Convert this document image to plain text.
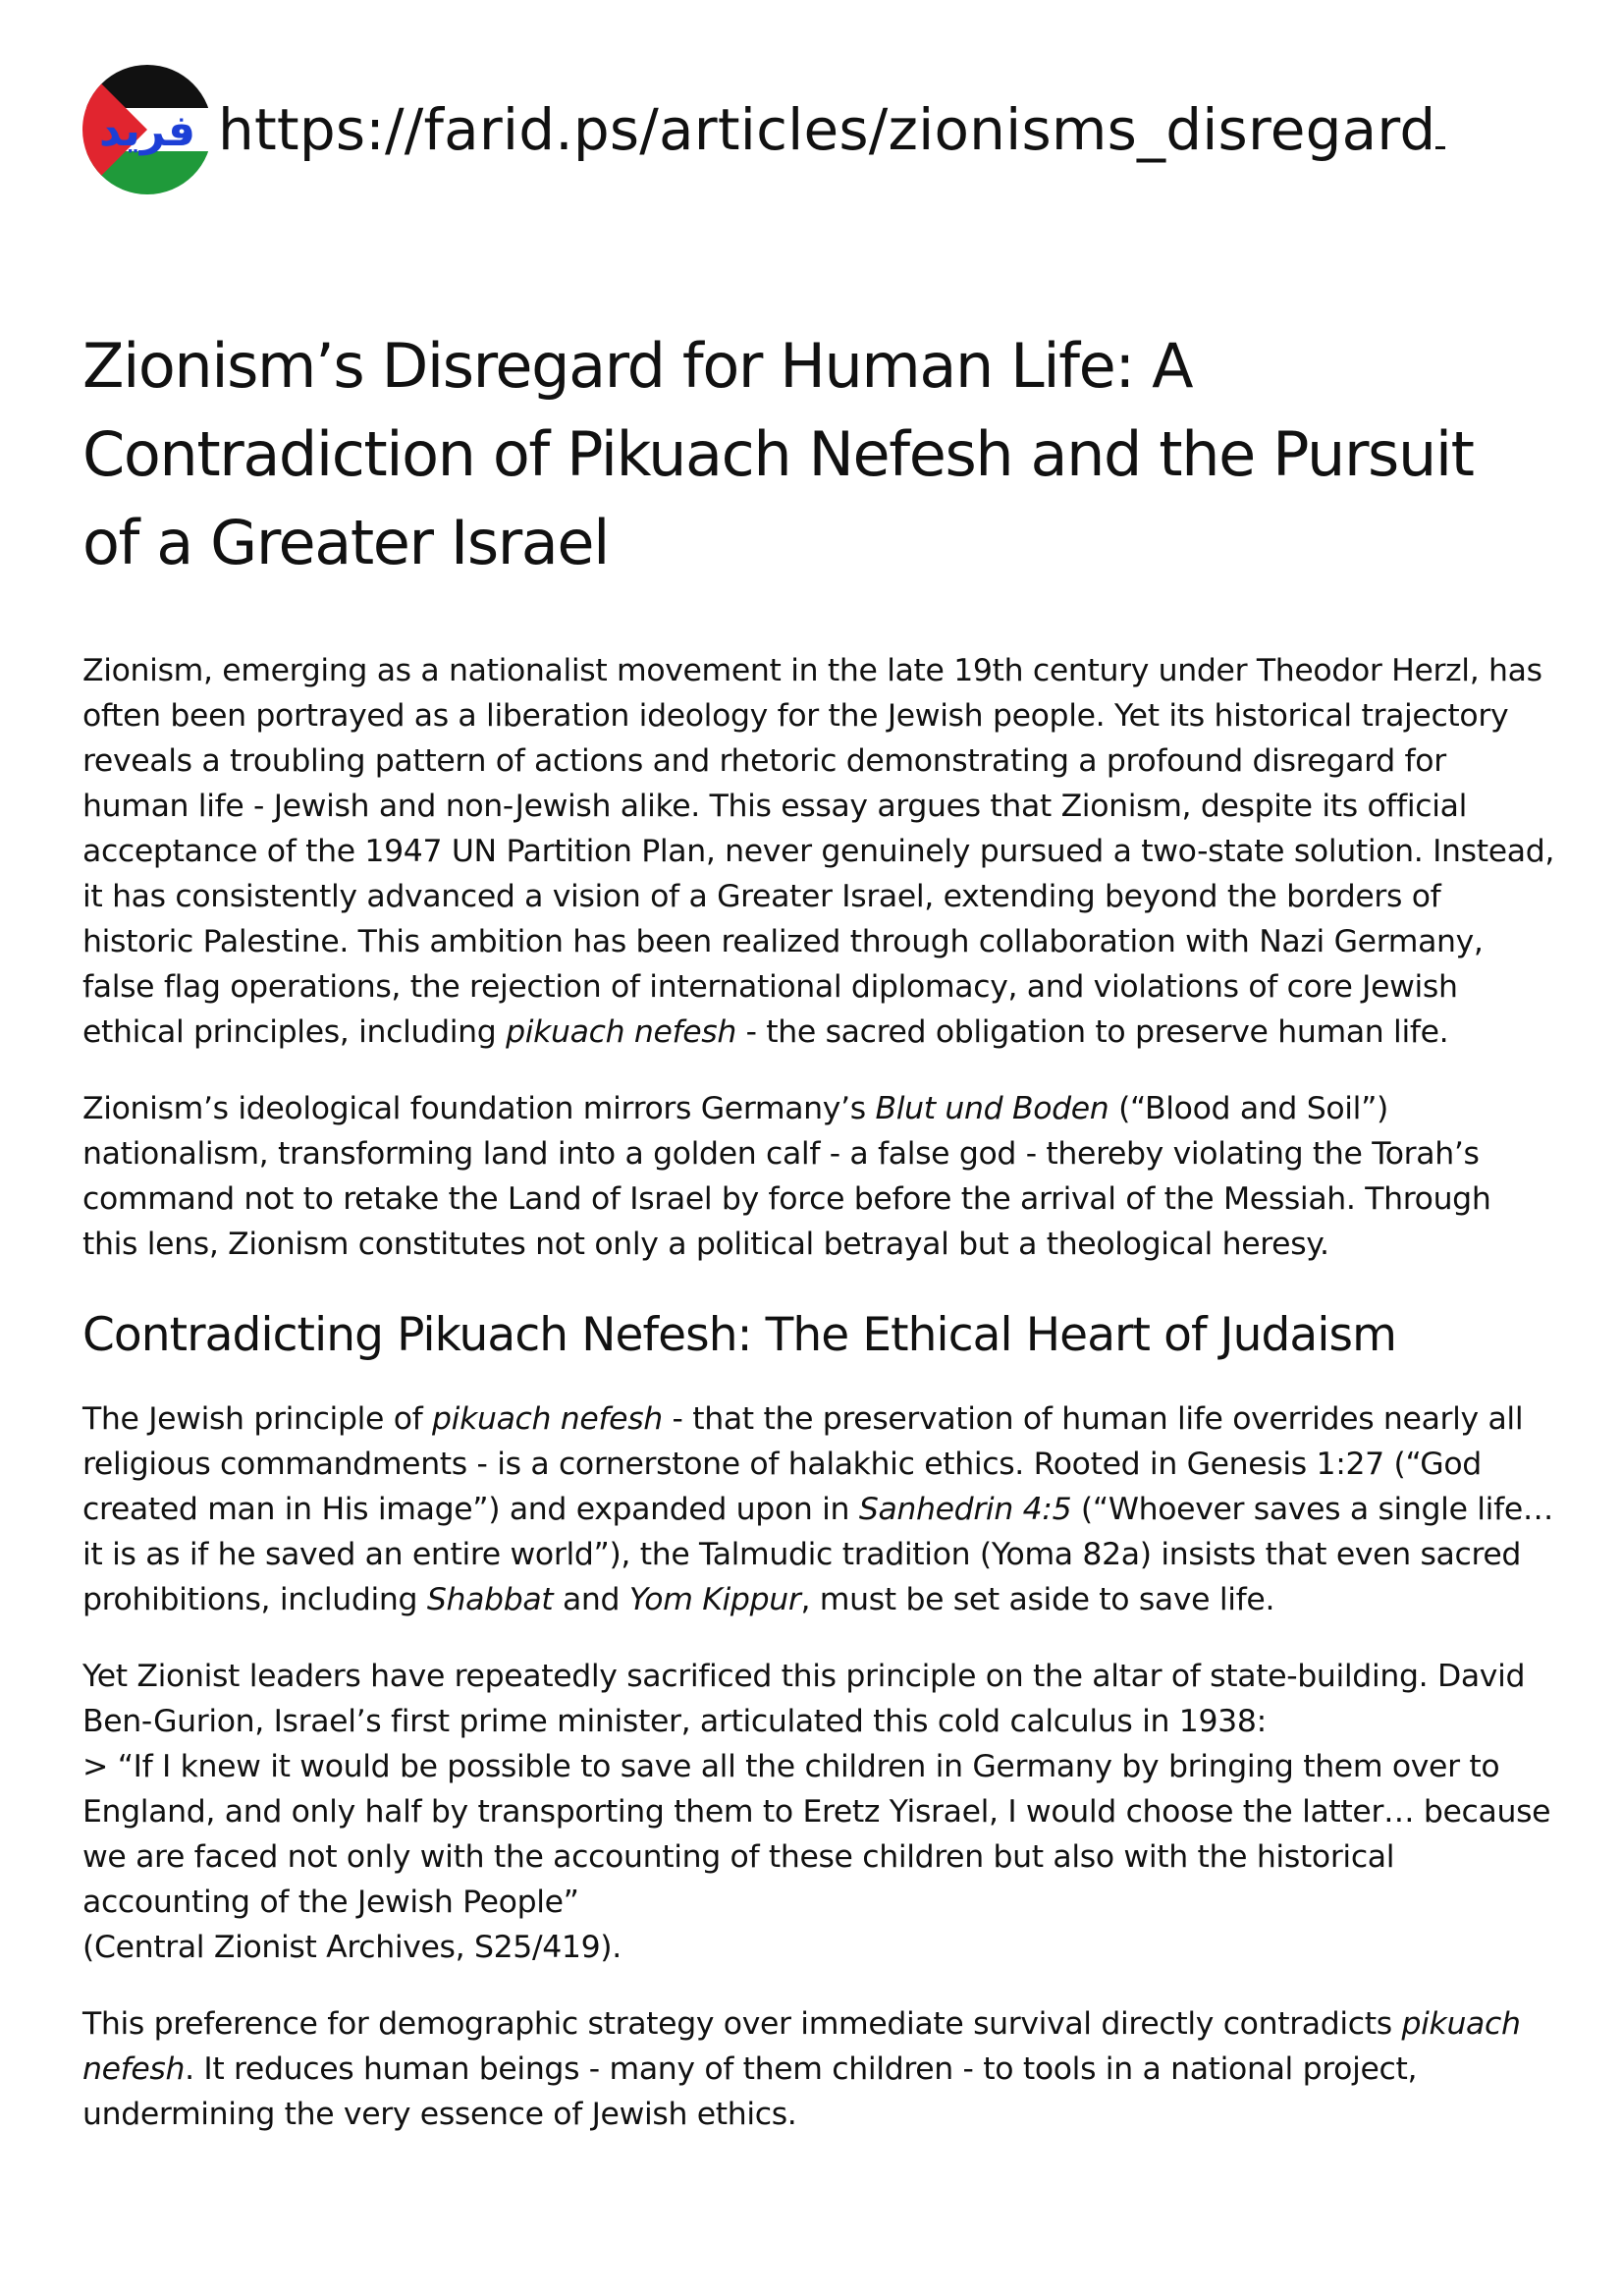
فريد https://farid.ps/articles/zionisms_disregard
Zionism’s Disregard for Human Life: A Contradiction of Pikuach Nefesh and the Pursuit of a Greater Israel

Zionism, emerging as a nationalist movement in the late 19th century under Theodor Herzl, has often been portrayed as a liberation ideology for the Jewish people. Yet its historical trajectory reveals a troubling pattern of actions and rhetoric demonstrating a profound disregard for human life - Jewish and non-Jewish alike. This essay argues that Zionism, despite its official acceptance of the 1947 UN Partition Plan, never genuinely pursued a two-state solution. Instead, it has consistently advanced a vision of a Greater Israel, extending beyond the borders of historic Palestine. This ambition has been realized through collaboration with Nazi Germany, false flag operations, the rejection of international diplomacy, and violations of core Jewish ethical principles, including pikuach nefesh - the sacred obligation to preserve human life.

Zionism’s ideological foundation mirrors Germany’s Blut und Boden (“Blood and Soil”) nationalism, transforming land into a golden calf - a false god - thereby violating the Torah’s command not to retake the Land of Israel by force before the arrival of the Messiah. Through this lens, Zionism constitutes not only a political betrayal but a theological heresy.

Contradicting Pikuach Nefesh: The Ethical Heart of Judaism

The Jewish principle of pikuach nefesh - that the preservation of human life overrides nearly all religious commandments - is a cornerstone of halakhic ethics. Rooted in Genesis 1:27 (“God created man in His image”) and expanded upon in Sanhedrin 4:5 (“Whoever saves a single life… it is as if he saved an entire world”), the Talmudic tradition (Yoma 82a) insists that even sacred prohibitions, including Shabbat and Yom Kippur, must be set aside to save life.

Yet Zionist leaders have repeatedly sacrificed this principle on the altar of state-building. David Ben-Gurion, Israel’s first prime minister, articulated this cold calculus in 1938:
> “If I knew it would be possible to save all the children in Germany by bringing them over to England, and only half by transporting them to Eretz Yisrael, I would choose the latter… because we are faced not only with the accounting of these children but also with the historical accounting of the Jewish People”
(Central Zionist Archives, S25/419).

This preference for demographic strategy over immediate survival directly contradicts pikuach nefesh. It reduces human beings - many of them children - to tools in a national project, undermining the very essence of Jewish ethics.
